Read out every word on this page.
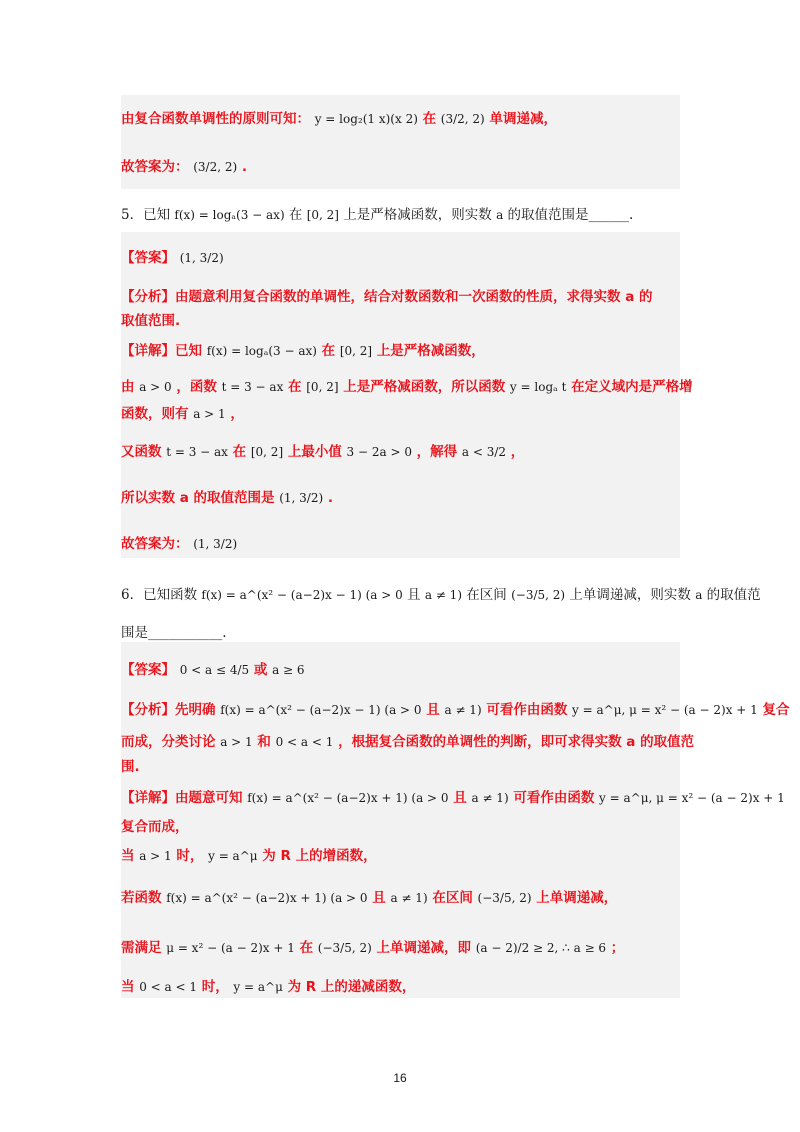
由复合函数单调性的原则可知： y = log₂(1 x)(x 2) 在 (3/2, 2) 单调递减，
故答案为： (3/2, 2) .
5．已知 f(x) = logₐ(3 − ax) 在 [0, 2] 上是严格减函数，则实数 a 的取值范围是______.
【答案】 (1, 3/2)
【分析】由题意利用复合函数的单调性，结合对数函数和一次函数的性质，求得实数 a 的
取值范围.
【详解】已知 f(x) = logₐ(3 − ax) 在 [0, 2] 上是严格减函数，
由 a > 0 ，函数 t = 3 − ax 在 [0, 2] 上是严格减函数，所以函数 y = logₐ t 在定义域内是严格增
函数，则有 a > 1 ，
又函数 t = 3 − ax 在 [0, 2] 上最小值 3 − 2a > 0 ，解得 a < 3/2 ，
所以实数 a 的取值范围是 (1, 3/2) .
故答案为： (1, 3/2)
6．已知函数 f(x) = a^(x² − (a−2)x − 1) (a > 0 且 a ≠ 1) 在区间 (−3/5, 2) 上单调递减，则实数 a 的取值范
围是___________.
【答案】 0 < a ≤ 4/5 或 a ≥ 6
【分析】先明确 f(x) = a^(x² − (a−2)x − 1) (a > 0 且 a ≠ 1) 可看作由函数 y = a^μ, μ = x² − (a − 2)x + 1 复合
而成，分类讨论 a > 1 和 0 < a < 1 ，根据复合函数的单调性的判断，即可求得实数 a 的取值范
围.
【详解】由题意可知 f(x) = a^(x² − (a−2)x + 1) (a > 0 且 a ≠ 1) 可看作由函数 y = a^μ, μ = x² − (a − 2)x + 1
复合而成，
当 a > 1 时， y = a^μ 为 R 上的增函数，
若函数 f(x) = a^(x² − (a−2)x + 1) (a > 0 且 a ≠ 1) 在区间 (−3/5, 2) 上单调递减，
需满足 μ = x² − (a − 2)x + 1 在 (−3/5, 2) 上单调递减，即 (a − 2)/2 ≥ 2, ∴ a ≥ 6 ；
当 0 < a < 1 时， y = a^μ 为 R 上的递减函数，
16
